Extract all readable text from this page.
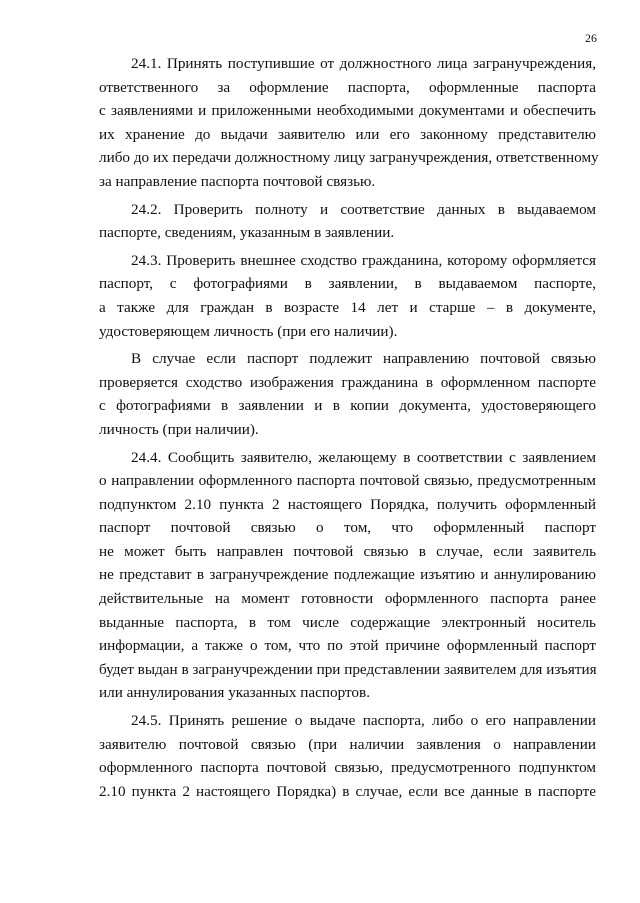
26
24.1. Принять поступившие от должностного лица загранучреждения,
ответственного за оформление паспорта, оформленные паспорта
с заявлениями и приложенными необходимыми документами и обеспечить
их хранение до выдачи заявителю или его законному представителю
либо до их передачи должностному лицу загранучреждения, ответственному
за направление паспорта почтовой связью.
24.2. Проверить полноту и соответствие данных в выдаваемом
паспорте, сведениям, указанным в заявлении.
24.3. Проверить внешнее сходство гражданина, которому оформляется
паспорт, с фотографиями в заявлении, в выдаваемом паспорте,
а также для граждан в возрасте 14 лет и старше – в документе,
удостоверяющем личность (при его наличии).
В случае если паспорт подлежит направлению почтовой связью
проверяется сходство изображения гражданина в оформленном паспорте
с фотографиями в заявлении и в копии документа, удостоверяющего
личность (при наличии).
24.4. Сообщить заявителю, желающему в соответствии с заявлением
о направлении оформленного паспорта почтовой связью, предусмотренным
подпунктом 2.10 пункта 2 настоящего Порядка, получить оформленный
паспорт почтовой связью о том, что оформленный паспорт
не может быть направлен почтовой связью в случае, если заявитель
не представит в загранучреждение подлежащие изъятию и аннулированию
действительные на момент готовности оформленного паспорта ранее
выданные паспорта, в том числе содержащие электронный носитель
информации, а также о том, что по этой причине оформленный паспорт
будет выдан в загранучреждении при представлении заявителем для изъятия
или аннулирования указанных паспортов.
24.5. Принять решение о выдаче паспорта, либо о его направлении
заявителю почтовой связью (при наличии заявления о направлении
оформленного паспорта почтовой связью, предусмотренного подпунктом
2.10 пункта 2 настоящего Порядка) в случае, если все данные в паспорте
